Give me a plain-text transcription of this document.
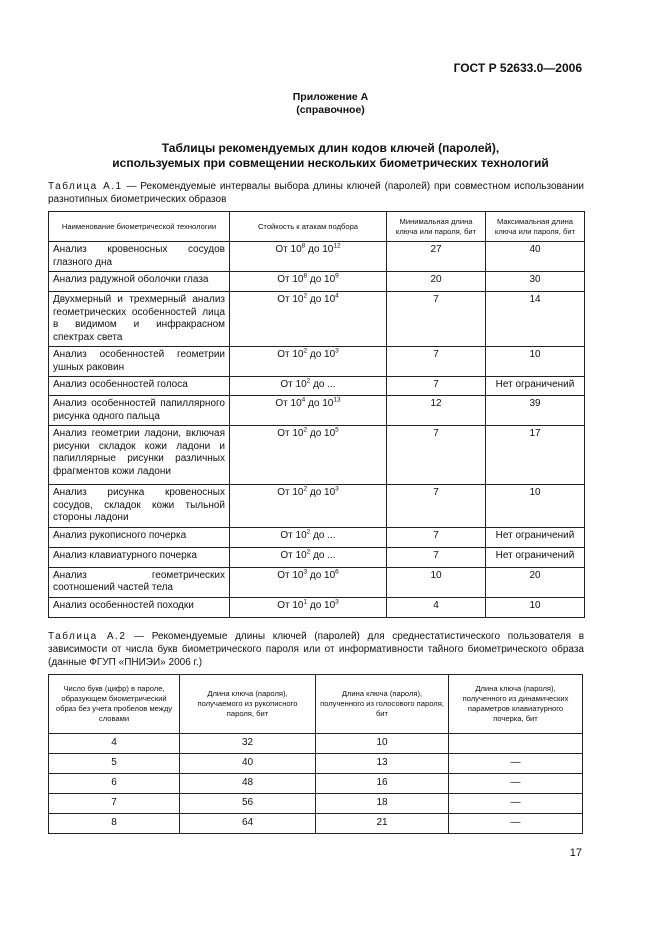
ГОСТ Р 52633.0—2006
Приложение А
(справочное)
Таблицы рекомендуемых длин кодов ключей (паролей),
используемых при совмещении нескольких биометрических технологий
Таблица А.1 — Рекомендуемые интервалы выбора длины ключей (паролей) при совместном использовании разнотипных биометрических образов
Наименование биометрической технологии	Стойкость к атакам подбора	Минимальная длина ключа или пароля, бит	Максимальная длина ключа или пароля, бит
Анализ кровеносных сосудов глазного дна	От $10^8$ до $10^{12}$	27	40
Анализ радужной оболочки глаза	От $10^8$ до $10^9$	20	30
Двухмерный и трехмерный анализ геометрических особенностей лица в видимом и инфракрасном спектрах света	От $10^2$ до $10^4$	7	14
Анализ особенностей геометрии ушных раковин	От $10^2$ до $10^3$	7	10
Анализ особенностей голоса	От $10^2$ до ...	7	Нет ограничений
Анализ особенностей папиллярного рисунка одного пальца	От $10^4$ до $10^{13}$	12	39
Анализ геометрии ладони, включая рисунки складок кожи ладони и папиллярные рисунки различных фрагментов кожи ладони	От $10^2$ до $10^5$	7	17
Анализ рисунка кровеносных сосудов, складок кожи тыльной стороны ладони	От $10^2$ до $10^3$	7	10
Анализ рукописного почерка	От $10^2$ до ...	7	Нет ограничений
Анализ клавиатурного почерка	От $10^2$ до ...	7	Нет ограничений
Анализ геометрических соотношений частей тела	От $10^3$ до $10^6$	10	20
Анализ особенностей походки	От $10^1$ до $10^3$	4	10
Таблица А.2 — Рекомендуемые длины ключей (паролей) для среднестатистического пользователя в зависимости от числа букв биометрического пароля или от информативности тайного биометрического образа (данные ФГУП «ПНИЭИ» 2006 г.)
Число букв (цифр) в пароле, образующем биометрический образ без учета пробелов между словами	Длина ключа (пароля), получаемого из рукописного пароля, бит	Длина ключа (пароля), полученного из голосового пароля, бит	Длина ключа (пароля), полученного из динамических параметров клавиатурного почерка, бит
4	32	10	
5	40	13	—
6	48	16	—
7	56	18	—
8	64	21	—
17
